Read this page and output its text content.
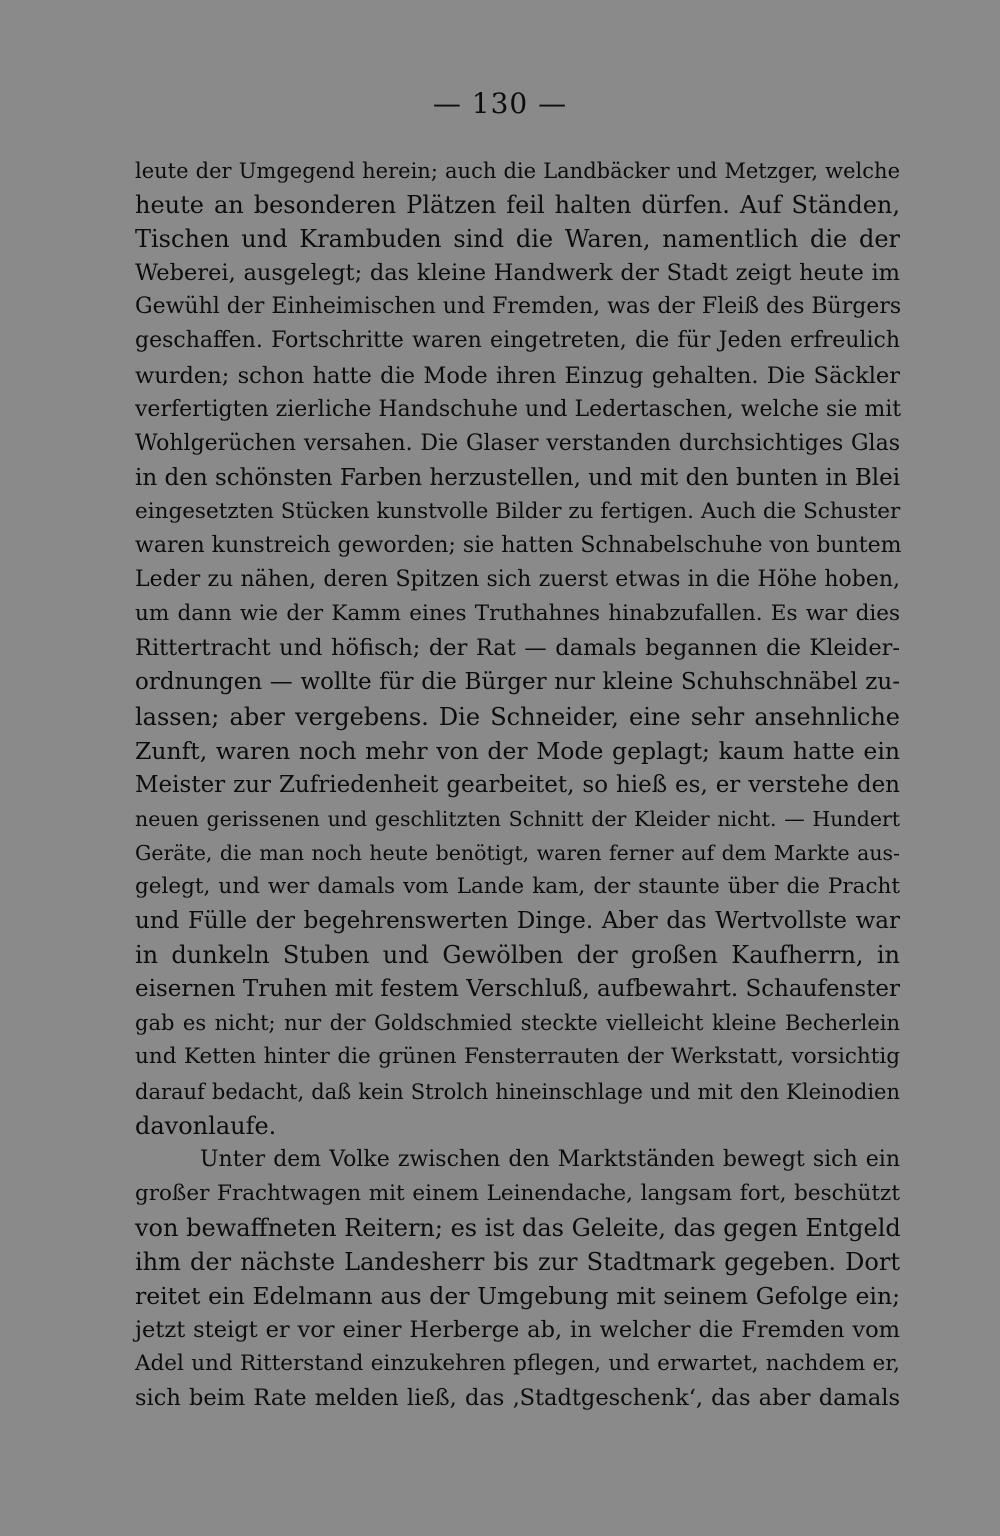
— 130 —
leute der Umgegend herein; auch die Landbäcker und Metzger, welche
heute an besonderen Plätzen feil halten dürfen. Auf Ständen,
Tischen und Krambuden sind die Waren, namentlich die der
Weberei, ausgelegt; das kleine Handwerk der Stadt zeigt heute im
Gewühl der Einheimischen und Fremden, was der Fleiß des Bürgers
geschaffen. Fortschritte waren eingetreten, die für Jeden erfreulich
wurden; schon hatte die Mode ihren Einzug gehalten. Die Säckler
verfertigten zierliche Handschuhe und Ledertaschen, welche sie mit
Wohlgerüchen versahen. Die Glaser verstanden durchsichtiges Glas
in den schönsten Farben herzustellen, und mit den bunten in Blei
eingesetzten Stücken kunstvolle Bilder zu fertigen. Auch die Schuster
waren kunstreich geworden; sie hatten Schnabelschuhe von buntem
Leder zu nähen, deren Spitzen sich zuerst etwas in die Höhe hoben,
um dann wie der Kamm eines Truthahnes hinabzufallen. Es war dies
Rittertracht und höfisch; der Rat — damals begannen die Kleider-
ordnungen — wollte für die Bürger nur kleine Schuhschnäbel zu-
lassen; aber vergebens. Die Schneider, eine sehr ansehnliche
Zunft, waren noch mehr von der Mode geplagt; kaum hatte ein
Meister zur Zufriedenheit gearbeitet, so hieß es, er verstehe den
neuen gerissenen und geschlitzten Schnitt der Kleider nicht. — Hundert
Geräte, die man noch heute benötigt, waren ferner auf dem Markte aus-
gelegt, und wer damals vom Lande kam, der staunte über die Pracht
und Fülle der begehrenswerten Dinge. Aber das Wertvollste war
in dunkeln Stuben und Gewölben der großen Kaufherrn, in
eisernen Truhen mit festem Verschluß, aufbewahrt. Schaufenster
gab es nicht; nur der Goldschmied steckte vielleicht kleine Becherlein
und Ketten hinter die grünen Fensterrauten der Werkstatt, vorsichtig
darauf bedacht, daß kein Strolch hineinschlage und mit den Kleinodien
davonlaufe.
Unter dem Volke zwischen den Marktständen bewegt sich ein
großer Frachtwagen mit einem Leinendache, langsam fort, beschützt
von bewaffneten Reitern; es ist das Geleite, das gegen Entgeld
ihm der nächste Landesherr bis zur Stadtmark gegeben. Dort
reitet ein Edelmann aus der Umgebung mit seinem Gefolge ein;
jetzt steigt er vor einer Herberge ab, in welcher die Fremden vom
Adel und Ritterstand einzukehren pflegen, und erwartet, nachdem er,
sich beim Rate melden ließ, das ‚Stadtgeschenk‘, das aber damals
